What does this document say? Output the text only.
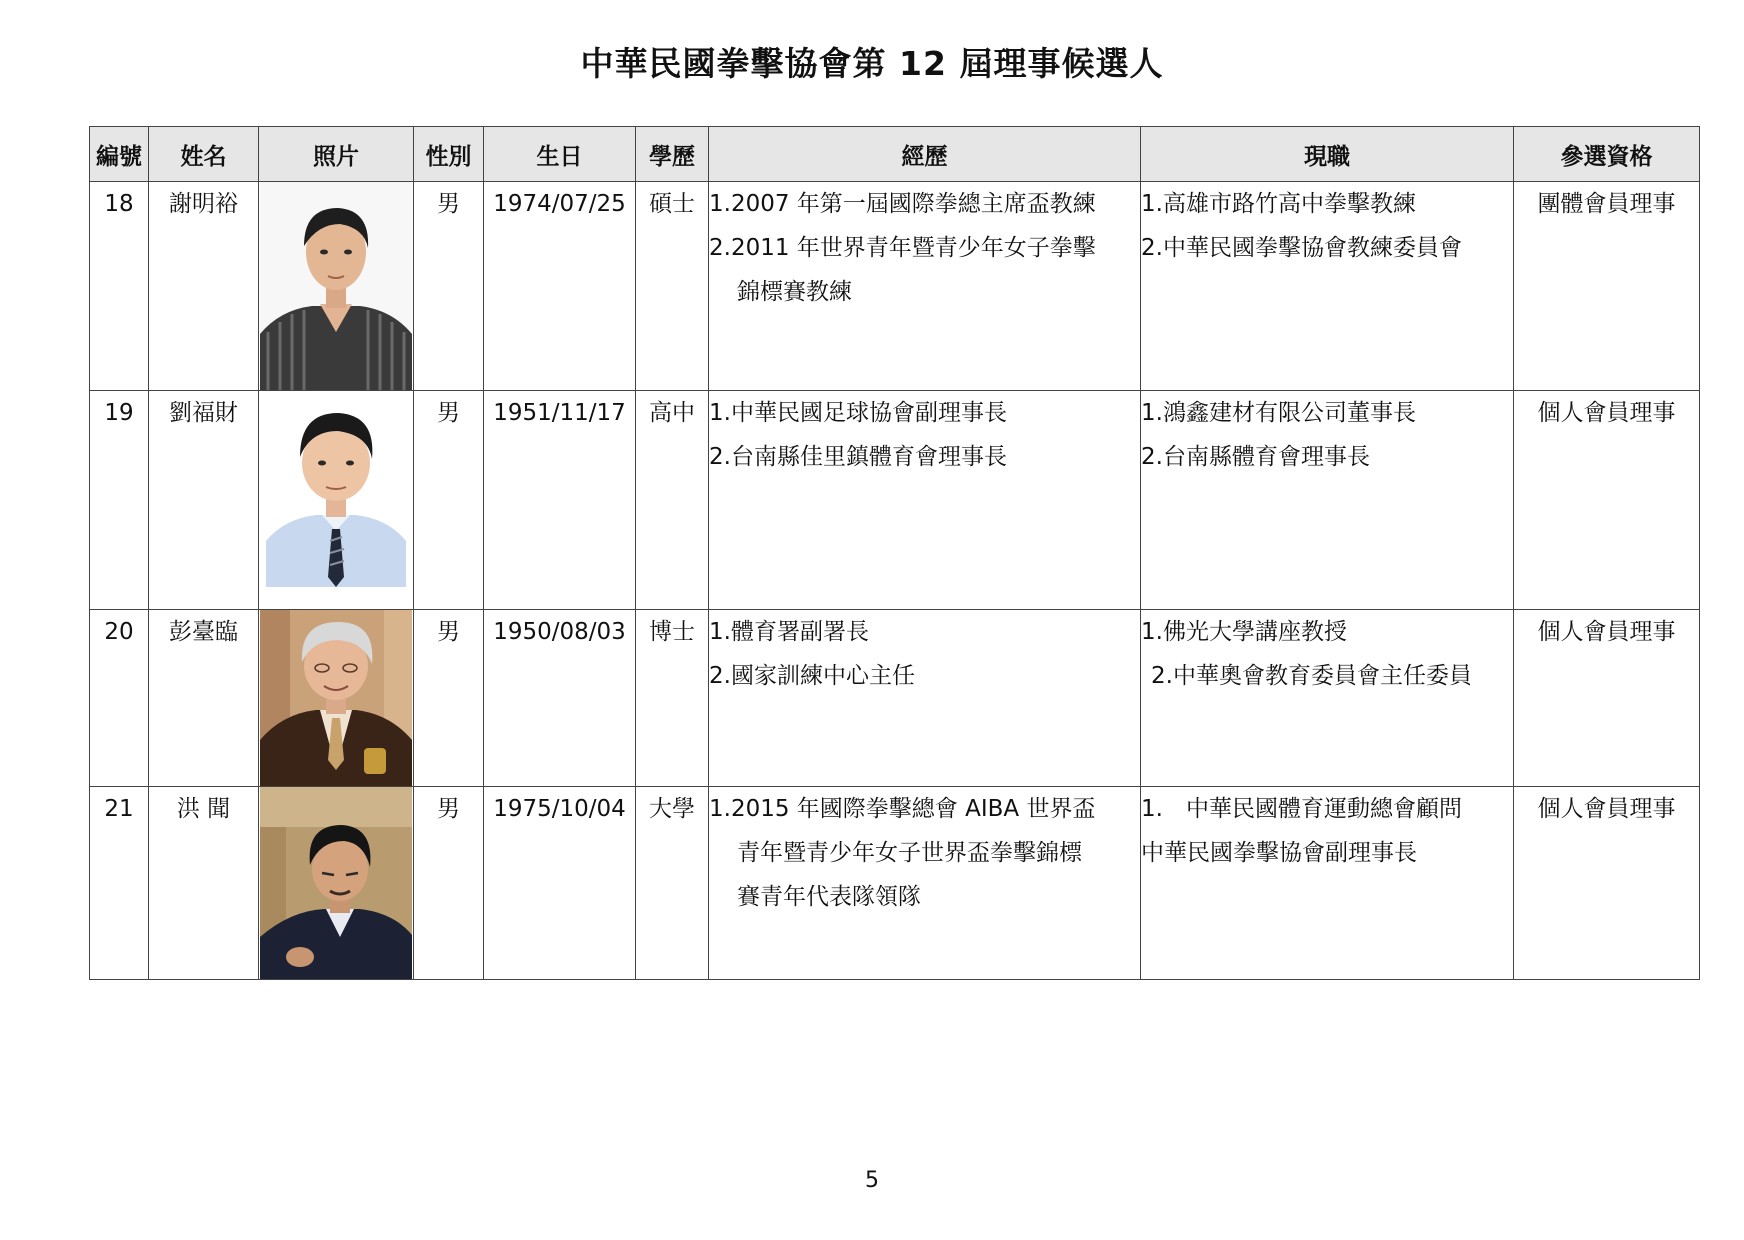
中華民國拳擊協會第 12 屆理事候選人
編號	姓名	照片	性別	生日	學歷	經歷	現職	參選資格
18	謝明裕		男	1974/07/25	碩士	1.2007 年第一屆國際拳總主席盃教練
2.2011 年世界青年暨青少年女子拳擊
錦標賽教練	1.高雄市路竹高中拳擊教練
2.中華民國拳擊協會教練委員會	團體會員理事
19	劉福財		男	1951/11/17	高中	1.中華民國足球協會副理事長
2.台南縣佳里鎮體育會理事長	1.鴻鑫建材有限公司董事長
2.台南縣體育會理事長	個人會員理事
20	彭臺臨		男	1950/08/03	博士	1.體育署副署長
2.國家訓練中心主任	1.佛光大學講座教授
2.中華奧會教育委員會主任委員	個人會員理事
21	洪 聞		男	1975/10/04	大學	1.2015 年國際拳擊總會 AIBA 世界盃
青年暨青少年女子世界盃拳擊錦標
賽青年代表隊領隊	1.　中華民國體育運動總會顧問
中華民國拳擊協會副理事長	個人會員理事
5
